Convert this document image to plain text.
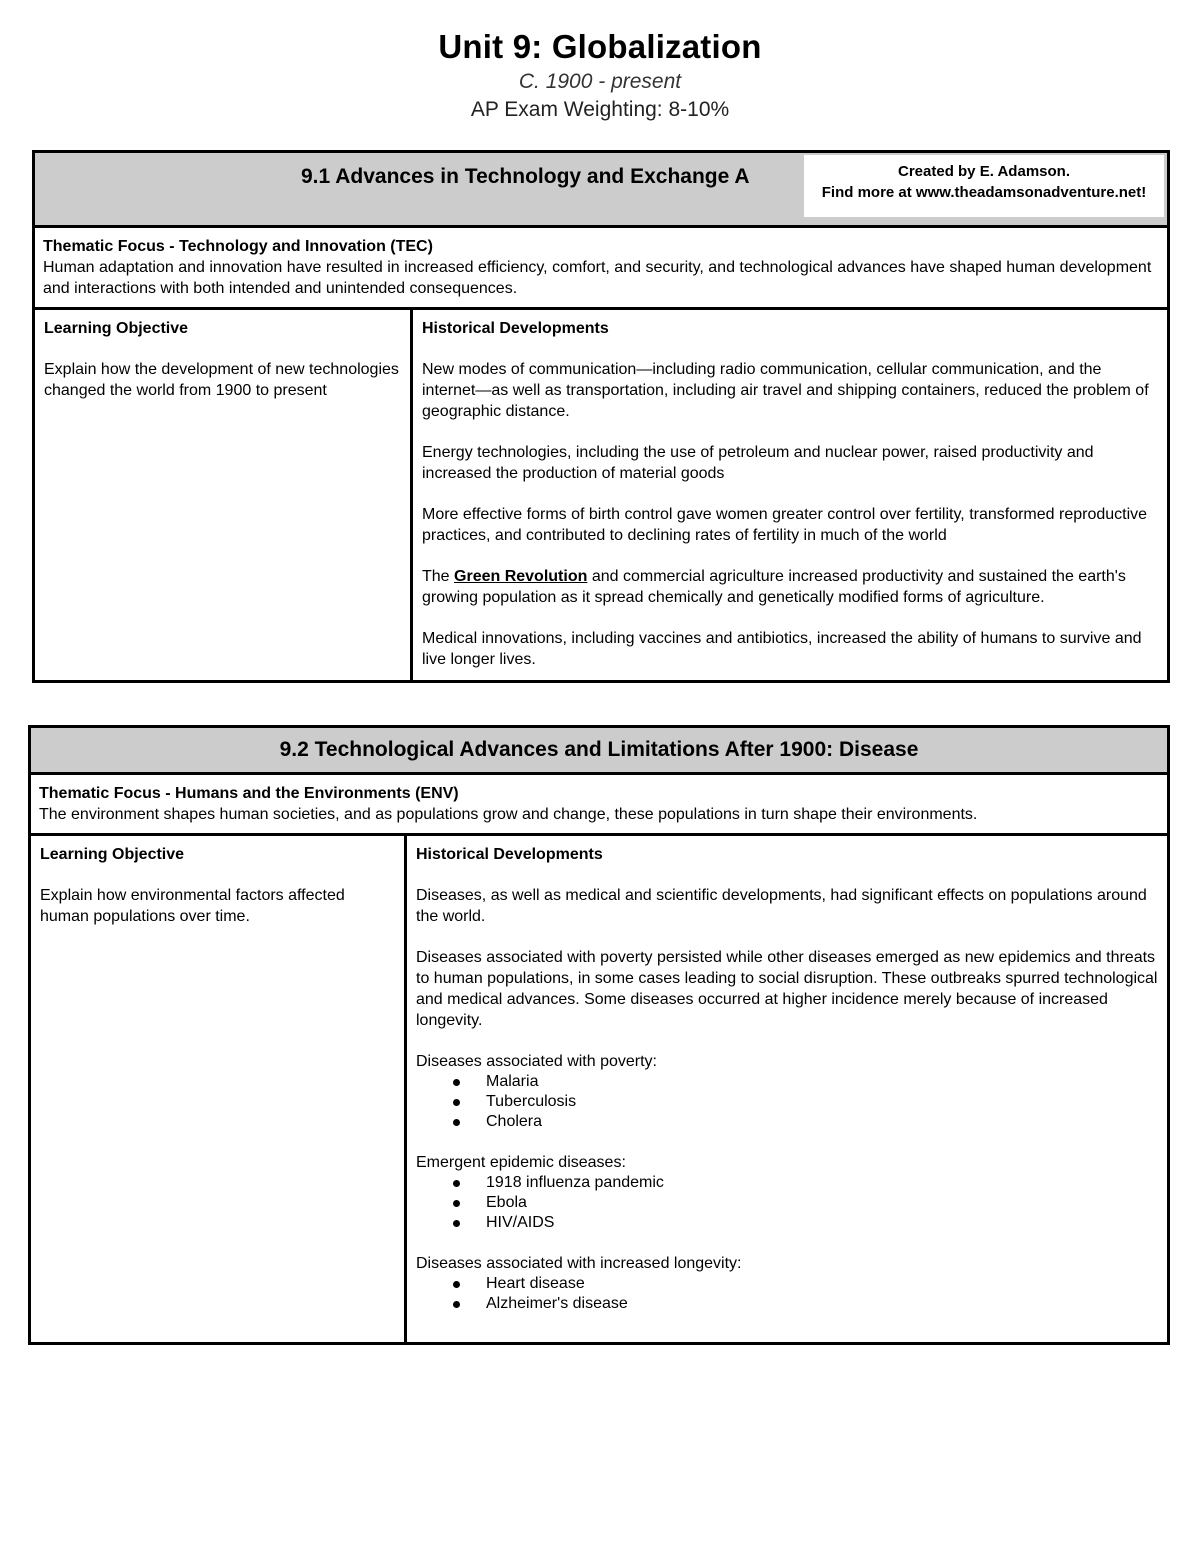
Unit 9: Globalization
C. 1900 - present
AP Exam Weighting: 8-10%
9.1 Advances in Technology and Exchange A	Created by E. Adamson.
Find more at www.theadamsonadventure.net!

Thematic Focus - Technology and Innovation (TEC)
Human adaptation and innovation have resulted in increased efficiency, comfort, and security, and technological advances have shaped human development and interactions with both intended and unintended consequences.

Learning Objective
Explain how the development of new technologies changed the world from 1900 to present

Historical Developments

New modes of communication—including radio communication, cellular communication, and the internet—as well as transportation, including air travel and shipping containers, reduced the problem of geographic distance.

Energy technologies, including the use of petroleum and nuclear power, raised productivity and increased the production of material goods

More effective forms of birth control gave women greater control over fertility, transformed reproductive practices, and contributed to declining rates of fertility in much of the world

The Green Revolution and commercial agriculture increased productivity and sustained the earth's growing population as it spread chemically and genetically modified forms of agriculture.

Medical innovations, including vaccines and antibiotics, increased the ability of humans to survive and live longer lives.

9.2 Technological Advances and Limitations After 1900: Disease

Thematic Focus - Humans and the Environments (ENV)
The environment shapes human societies, and as populations grow and change, these populations in turn shape their environments.

Learning Objective
Explain how environmental factors affected human populations over time.

Historical Developments

Diseases, as well as medical and scientific developments, had significant effects on populations around the world.

Diseases associated with poverty persisted while other diseases emerged as new epidemics and threats to human populations, in some cases leading to social disruption. These outbreaks spurred technological and medical advances. Some diseases occurred at higher incidence merely because of increased longevity.

Diseases associated with poverty:
Malaria
Tuberculosis
Cholera
Emergent epidemic diseases:
1918 influenza pandemic
Ebola
HIV/AIDS
Diseases associated with increased longevity:
Heart disease
Alzheimer's disease
